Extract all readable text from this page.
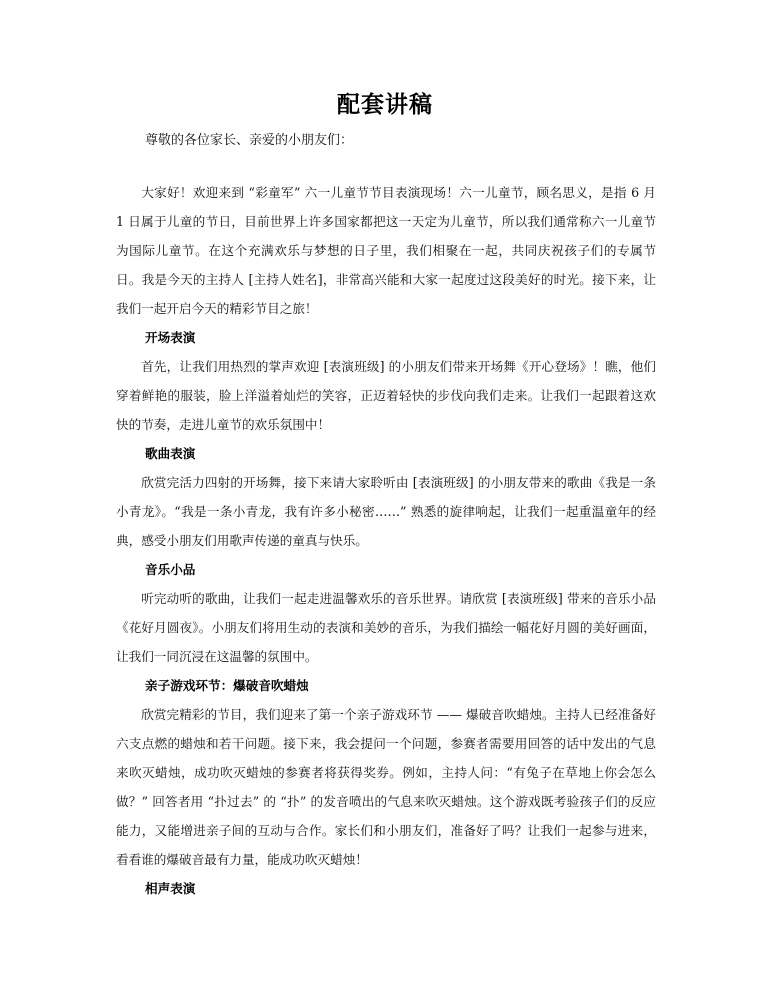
配套讲稿
尊敬的各位家长、亲爱的小朋友们：

大家好！欢迎来到 “彩童军” 六一儿童节节目表演现场！六一儿童节，顾名思义，是指 6 月 1 日属于儿童的节日，目前世界上许多国家都把这一天定为儿童节，所以我们通常称六一儿童节为国际儿童节。在这个充满欢乐与梦想的日子里，我们相聚在一起，共同庆祝孩子们的专属节日。我是今天的主持人 [主持人姓名]，非常高兴能和大家一起度过这段美好的时光。接下来，让我们一起开启今天的精彩节目之旅！

开场表演

首先，让我们用热烈的掌声欢迎 [表演班级] 的小朋友们带来开场舞《开心登场》！瞧，他们穿着鲜艳的服装，脸上洋溢着灿烂的笑容，正迈着轻快的步伐向我们走来。让我们一起跟着这欢快的节奏，走进儿童节的欢乐氛围中！

歌曲表演

欣赏完活力四射的开场舞，接下来请大家聆听由 [表演班级] 的小朋友带来的歌曲《我是一条小青龙》。“我是一条小青龙，我有许多小秘密……” 熟悉的旋律响起，让我们一起重温童年的经典，感受小朋友们用歌声传递的童真与快乐。

音乐小品

听完动听的歌曲，让我们一起走进温馨欢乐的音乐世界。请欣赏 [表演班级] 带来的音乐小品《花好月圆夜》。小朋友们将用生动的表演和美妙的音乐，为我们描绘一幅花好月圆的美好画面，让我们一同沉浸在这温馨的氛围中。

亲子游戏环节：爆破音吹蜡烛

欣赏完精彩的节目，我们迎来了第一个亲子游戏环节 —— 爆破音吹蜡烛。主持人已经准备好六支点燃的蜡烛和若干问题。接下来，我会提问一个问题，参赛者需要用回答的话中发出的气息来吹灭蜡烛，成功吹灭蜡烛的参赛者将获得奖券。例如，主持人问：“有兔子在草地上你会怎么做？” 回答者用 “扑过去” 的 “扑” 的发音喷出的气息来吹灭蜡烛。这个游戏既考验孩子们的反应能力，又能增进亲子间的互动与合作。家长们和小朋友们，准备好了吗？让我们一起参与进来，看看谁的爆破音最有力量，能成功吹灭蜡烛！

相声表演
